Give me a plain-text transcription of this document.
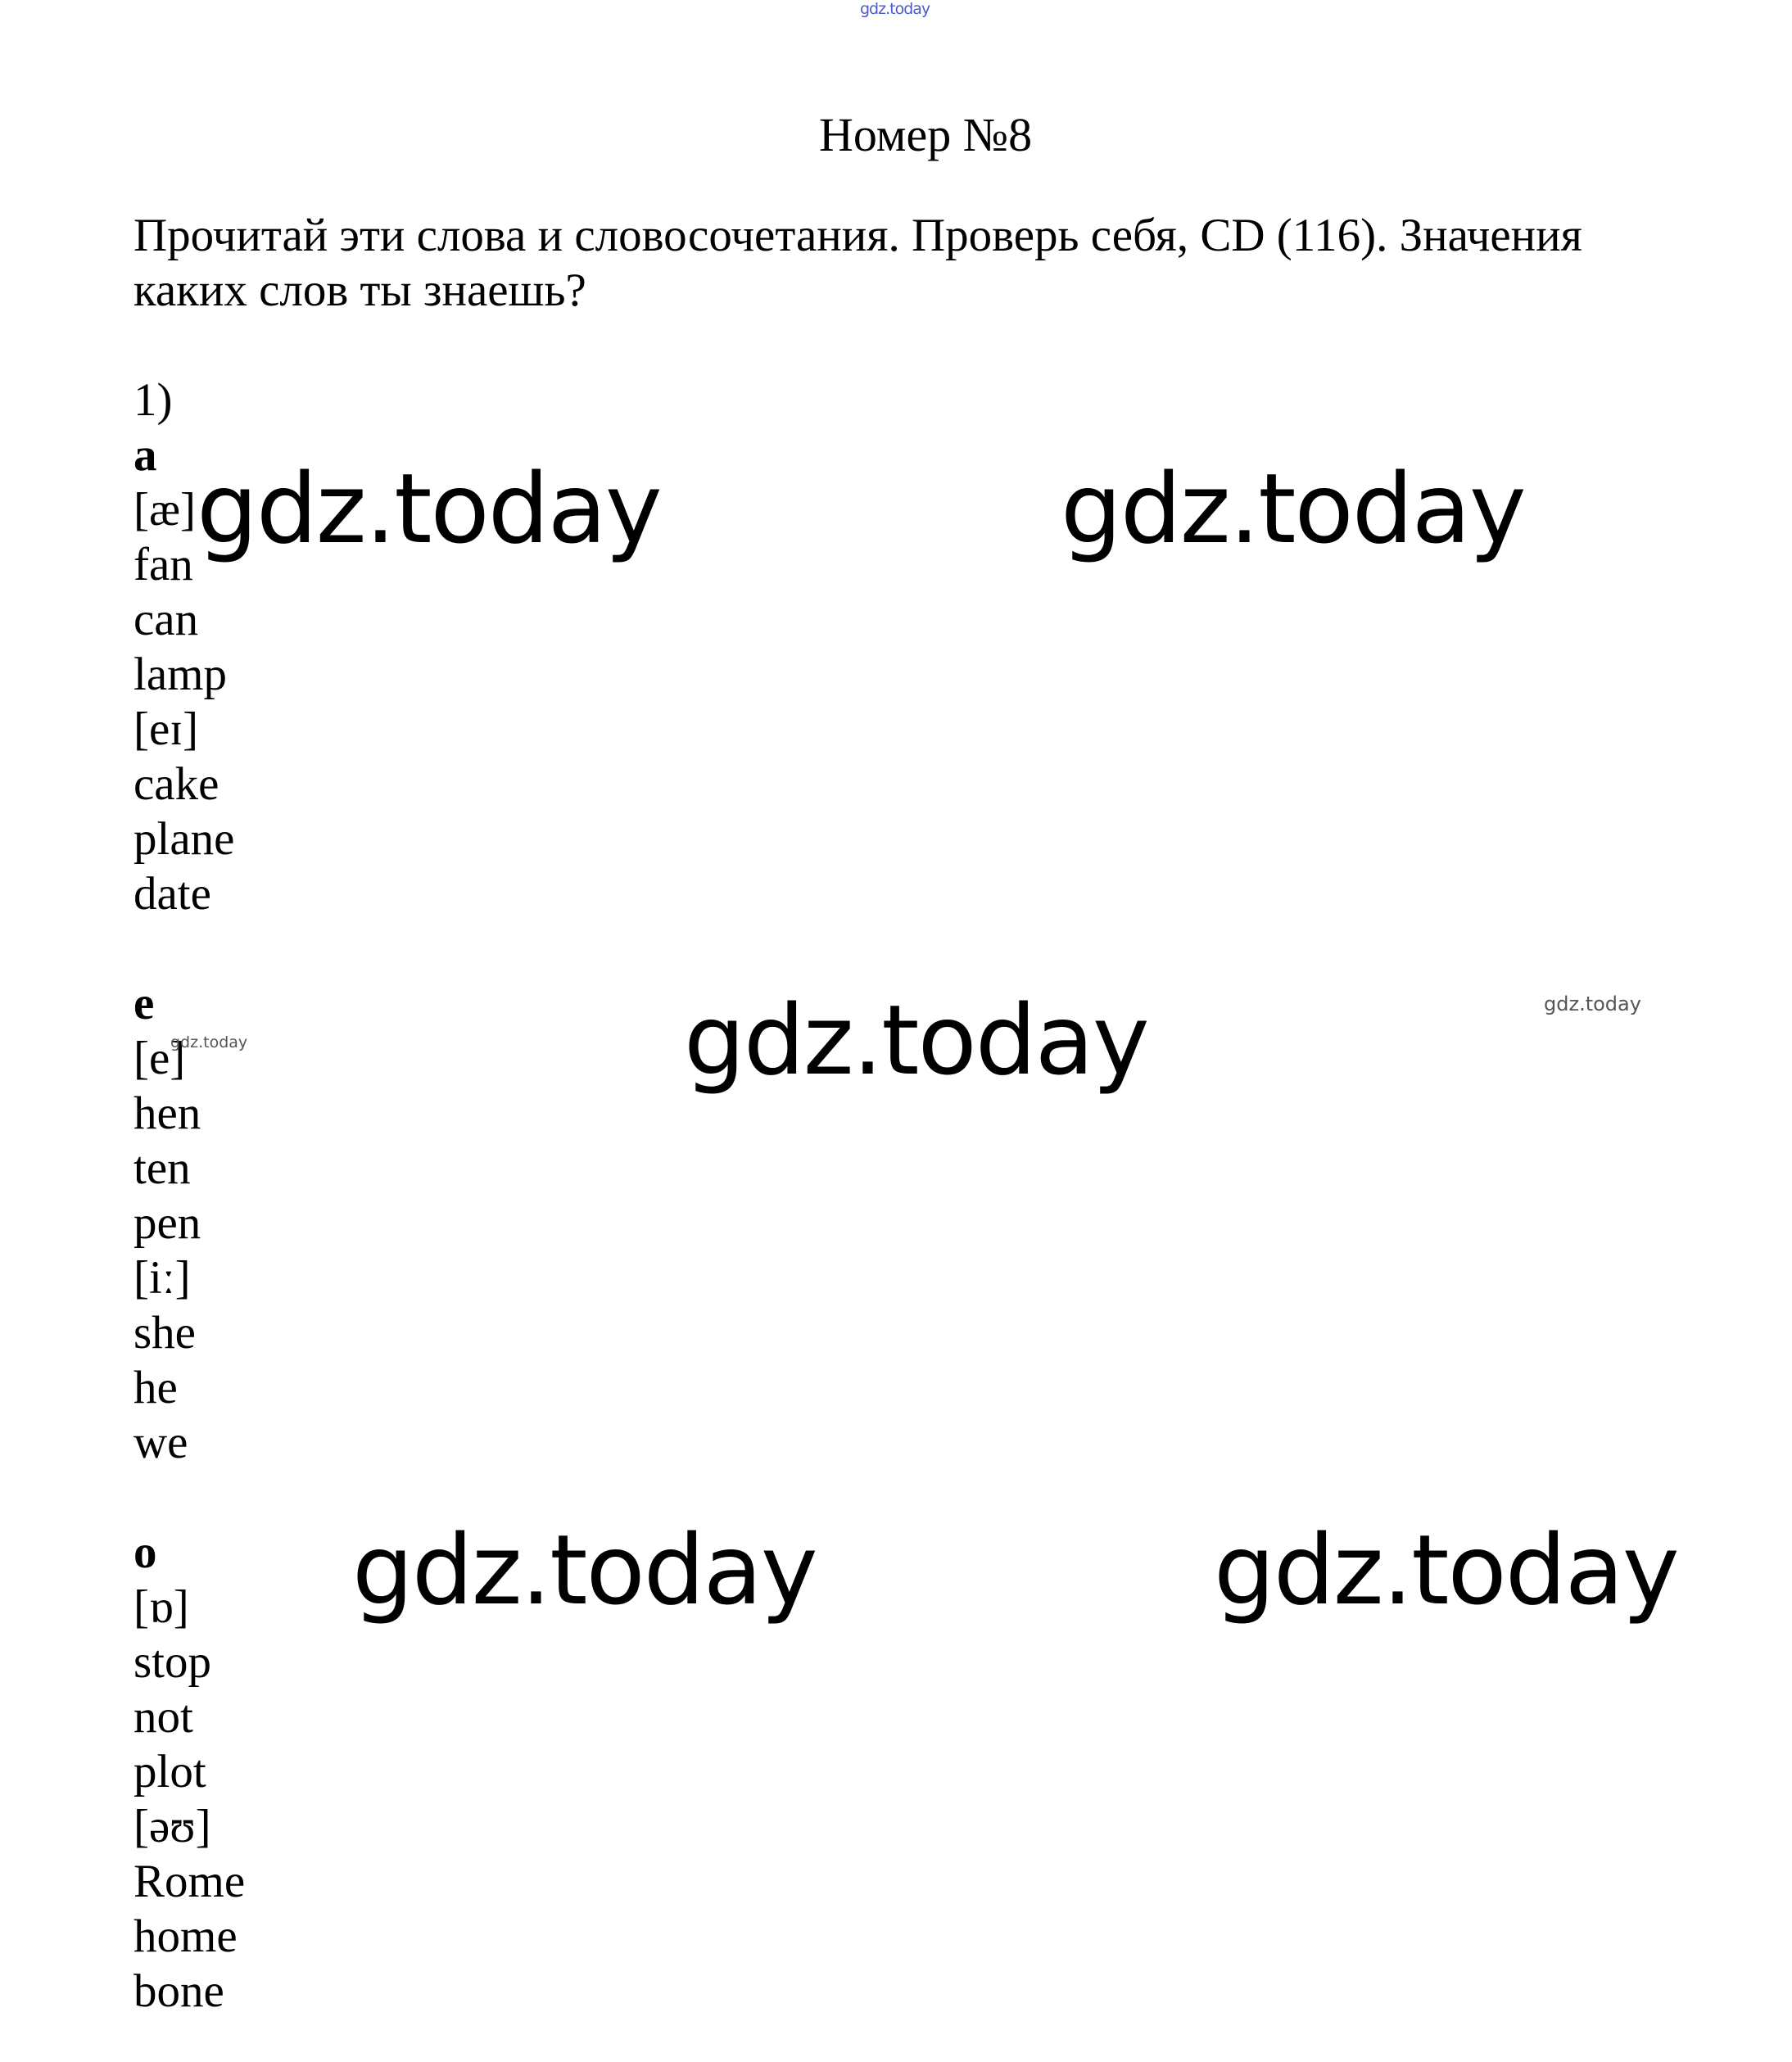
gdz.today
Номер №8
Прочитай эти слова и словосочетания. Проверь себя, CD (116). Значения каких слов ты знаешь?
1)
a
[æ]
fan
can
lamp
[eɪ]
cake
plane
date
e
[e]
hen
ten
pen
[iː]
she
he
we
o
[ɒ]
stop
not
plot
[əʊ]
Rome
home
bone
gdz.today	gdz.today
gdz.today
gdz.today	gdz.today
gdz.today
gdz.today
